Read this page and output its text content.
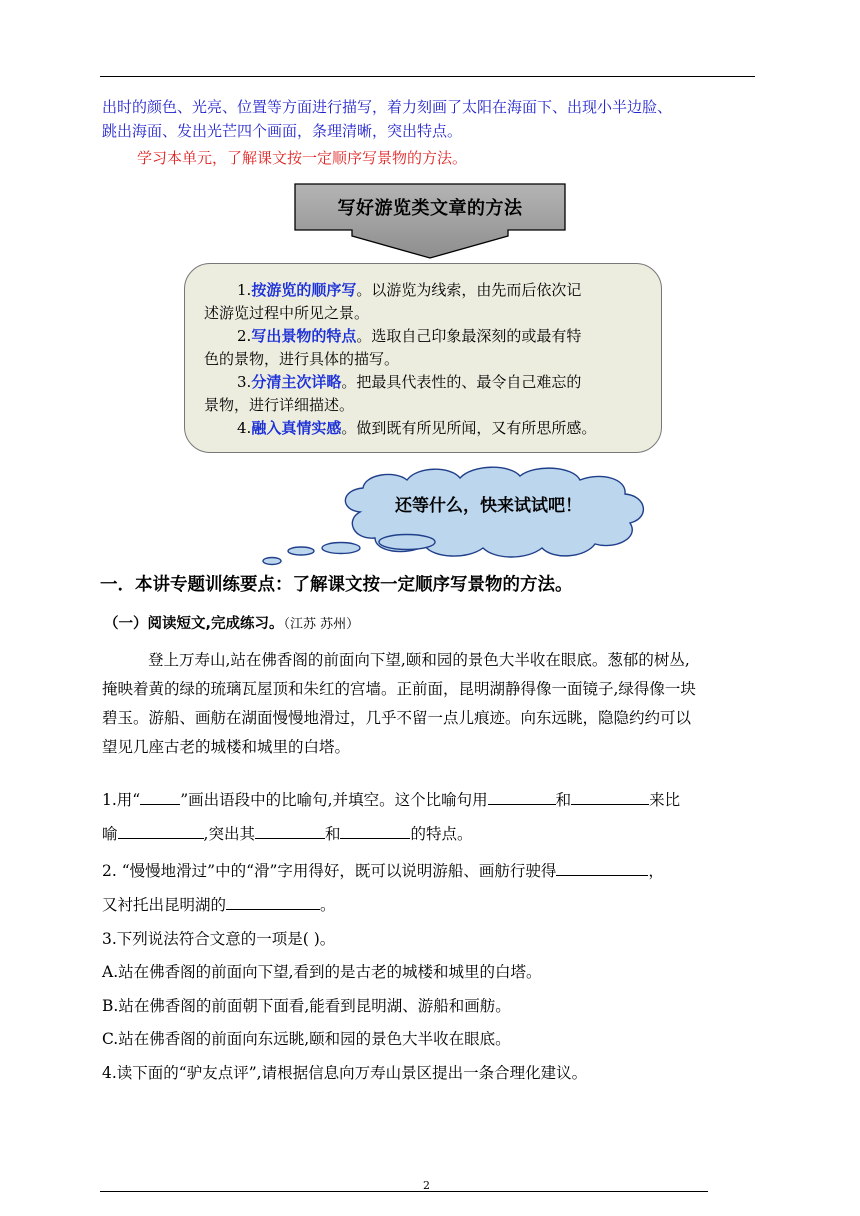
出时的颜色、光亮、位置等方面进行描写，着力刻画了太阳在海面下、出现小半边脸、
跳出海面、发出光芒四个画面，条理清晰，突出特点。
学习本单元，了解课文按一定顺序写景物的方法。
写好游览类文章的方法
1.按游览的顺序写。以游览为线索，由先而后依次记
述游览过程中所见之景。
2.写出景物的特点。选取自己印象最深刻的或最有特
色的景物，进行具体的描写。
3.分清主次详略。把最具代表性的、最令自己难忘的
景物，进行详细描述。
4.融入真情实感。做到既有所见所闻，又有所思所感。
还等什么，快来试试吧！
一．本讲专题训练要点：了解课文按一定顺序写景物的方法。
（一）阅读短文,完成练习。（江苏 苏州）
登上万寿山,站在佛香阁的前面向下望,颐和园的景色大半收在眼底。葱郁的树丛,
掩映着黄的绿的琉璃瓦屋顶和朱红的宫墙。正前面，昆明湖静得像一面镜子,绿得像一块
碧玉。游船、画舫在湖面慢慢地滑过，几乎不留一点儿痕迹。向东远眺，隐隐约约可以
望见几座古老的城楼和城里的白塔。
1.用“	”画出语段中的比喻句,并填空。这个比喻句用	和	来比
喻	,突出其	和	的特点。
2. “慢慢地滑过”中的“滑”字用得好，既可以说明游船、画舫行驶得	，
又衬托出昆明湖的	。
3.下列说法符合文意的一项是( )。
A.站在佛香阁的前面向下望,看到的是古老的城楼和城里的白塔。
B.站在佛香阁的前面朝下面看,能看到昆明湖、游船和画舫。
C.站在佛香阁的前面向东远眺,颐和园的景色大半收在眼底。
4.读下面的“驴友点评”,请根据信息向万寿山景区提出一条合理化建议。
2
